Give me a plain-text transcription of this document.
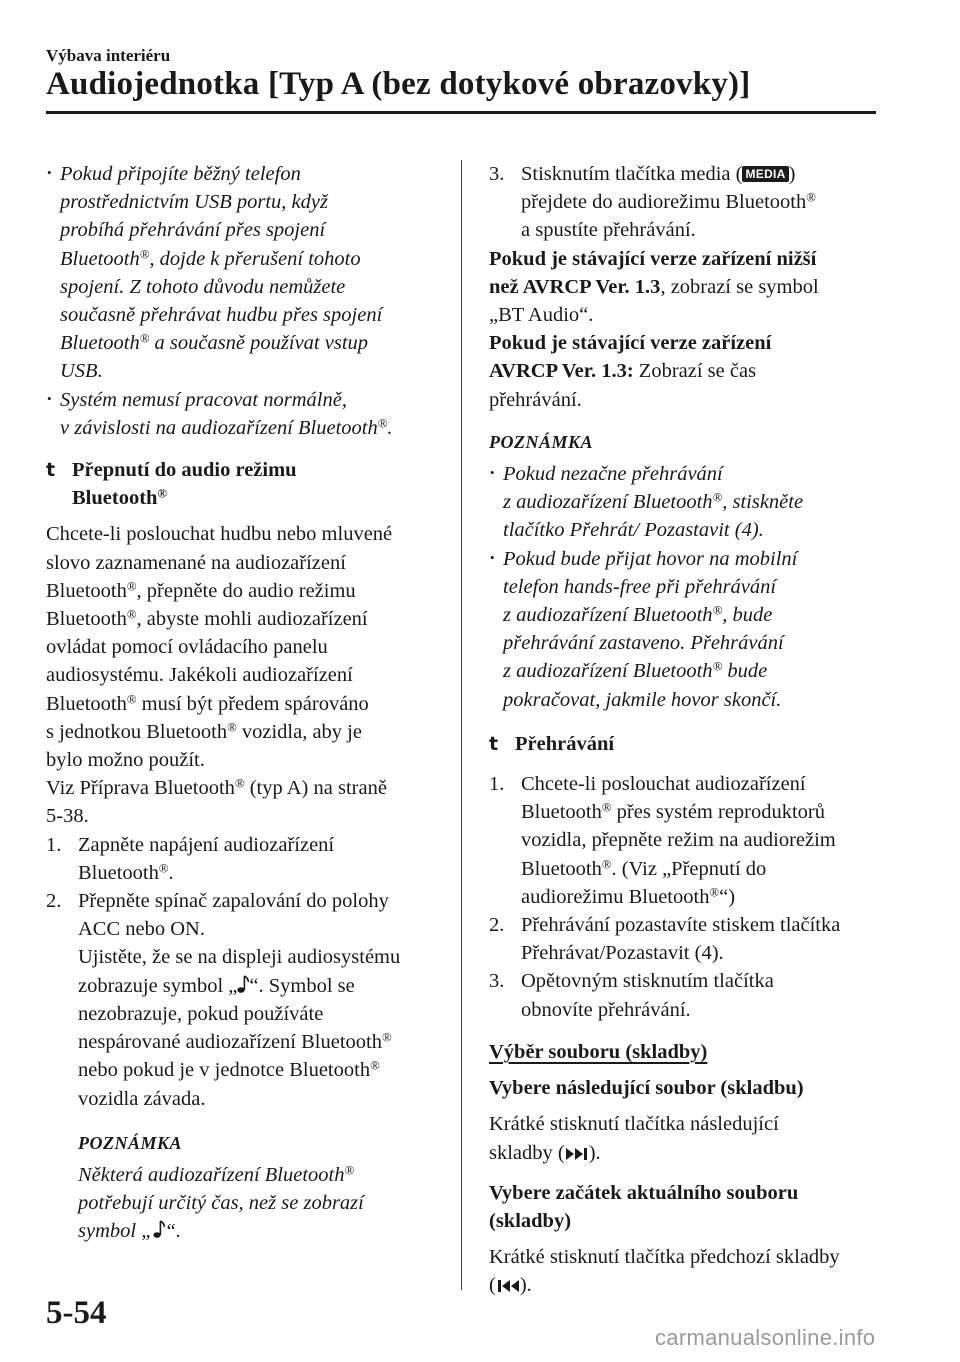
Výbava interiéru
Audiojednotka [Typ A (bez dotykové obrazovky)]
• Pokud připojíte běžný telefon
prostřednictvím USB portu, když
probíhá přehrávání přes spojení
Bluetooth®, dojde k přerušení tohoto
spojení. Z tohoto důvodu nemůžete
současně přehrávat hudbu přes spojení
Bluetooth® a současně používat vstup
USB.
• Systém nemusí pracovat normálně,
v závislosti na audiozařízení Bluetooth®.
t Přepnutí do audio režimu
Bluetooth®
Chcete-li poslouchat hudbu nebo mluvené
slovo zaznamenané na audiozařízení
Bluetooth®, přepněte do audio režimu
Bluetooth®, abyste mohli audiozařízení
ovládat pomocí ovládacího panelu
audiosystému. Jakékoli audiozařízení
Bluetooth® musí být předem spárováno
s jednotkou Bluetooth® vozidla, aby je
bylo možno použít.
Viz Příprava Bluetooth® (typ A) na straně
5-38.
1. Zapněte napájení audiozařízení
Bluetooth®.
2. Přepněte spínač zapalování do polohy
ACC nebo ON.
Ujistěte, že se na displeji audiosystému
zobrazuje symbol „ “. Symbol se
nezobrazuje, pokud používáte
nespárované audiozařízení Bluetooth®
nebo pokud je v jednotce Bluetooth®
vozidla závada.
POZNÁMKA
Některá audiozařízení Bluetooth®
potřebují určitý čas, než se zobrazí
symbol „ “.
3. Stisknutím tlačítka media ( MEDIA )
přejdete do audiorežimu Bluetooth®
a spustíte přehrávání.
Pokud je stávající verze zařízení nižší
než AVRCP Ver. 1.3, zobrazí se symbol
„BT Audio“.
Pokud je stávající verze zařízení
AVRCP Ver. 1.3: Zobrazí se čas
přehrávání.
POZNÁMKA
• Pokud nezačne přehrávání
z audiozařízení Bluetooth®, stiskněte
tlačítko Přehrát/ Pozastavit (4).
• Pokud bude přijat hovor na mobilní
telefon hands-free při přehrávání
z audiozařízení Bluetooth®, bude
přehrávání zastaveno. Přehrávání
z audiozařízení Bluetooth® bude
pokračovat, jakmile hovor skončí.
t Přehrávání
1. Chcete-li poslouchat audiozařízení
Bluetooth® přes systém reproduktorů
vozidla, přepněte režim na audiorežim
Bluetooth®. (Viz „Přepnutí do
audiorežimu Bluetooth®“)
2. Přehrávání pozastavíte stiskem tlačítka
Přehrávat/Pozastavit (4).
3. Opětovným stisknutím tlačítka
obnovíte přehrávání.
Výběr souboru (skladby)
Vybere následující soubor (skladbu)
Krátké stisknutí tlačítka následující
skladby ( ).
Vybere začátek aktuálního souboru
(skladby)
Krátké stisknutí tlačítka předchozí skladby
( ).
5-54
carmanualsonline.info
